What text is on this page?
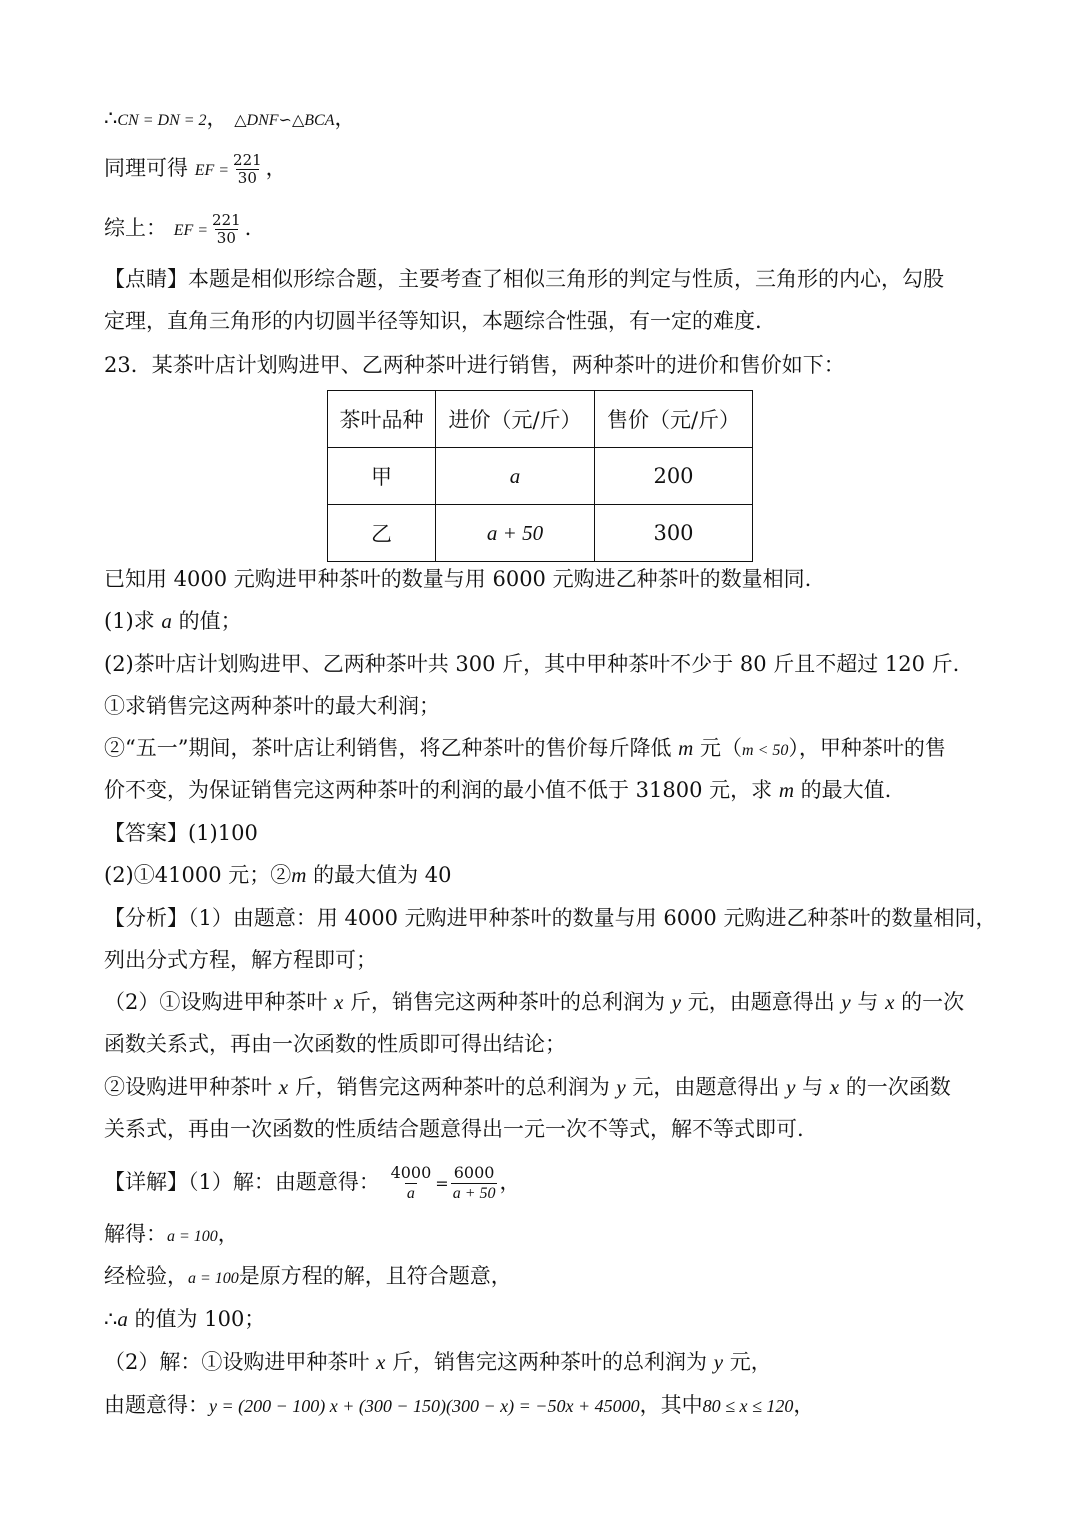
∴CN = DN = 2， △DNF∽△BCA，
同理可得 EF = $\frac{221}{30}$ ，
综上： EF = $\frac{221}{30}$ .
【点睛】本题是相似形综合题，主要考查了相似三角形的判定与性质，三角形的内心，勾股
定理，直角三角形的内切圆半径等知识，本题综合性强，有一定的难度.
23．某茶叶店计划购进甲、乙两种茶叶进行销售，两种茶叶的进价和售价如下：
茶叶品种	进价（元/斤）	售价（元/斤）
甲	a	200
乙	a + 50	300
已知用 4000 元购进甲种茶叶的数量与用 6000 元购进乙种茶叶的数量相同.
(1)求 a 的值；
(2)茶叶店计划购进甲、乙两种茶叶共 300 斤，其中甲种茶叶不少于 80 斤且不超过 120 斤.
①求销售完这两种茶叶的最大利润；
②“五一”期间，茶叶店让利销售，将乙种茶叶的售价每斤降低 m 元（m < 50），甲种茶叶的售
价不变，为保证销售完这两种茶叶的利润的最小值不低于 31800 元，求 m 的最大值.
【答案】(1)100
(2)①41000 元；②m 的最大值为 40
【分析】（1）由题意：用 4000 元购进甲种茶叶的数量与用 6000 元购进乙种茶叶的数量相同，
列出分式方程，解方程即可；
（2）①设购进甲种茶叶 x 斤，销售完这两种茶叶的总利润为 y 元，由题意得出 y 与 x 的一次
函数关系式，再由一次函数的性质即可得出结论；
②设购进甲种茶叶 x 斤，销售完这两种茶叶的总利润为 y 元，由题意得出 y 与 x 的一次函数
关系式，再由一次函数的性质结合题意得出一元一次不等式，解不等式即可.
【详解】（1）解：由题意得： $\frac{4000}{a} = \frac{6000}{a + 50}$ ，
解得：a = 100，
经检验，a = 100是原方程的解，且符合题意，
∴a 的值为 100；
（2）解：①设购进甲种茶叶 x 斤，销售完这两种茶叶的总利润为 y 元，
由题意得：y = (200 − 100) x + (300 − 150)(300 − x) = −50x + 45000，其中80 ≤ x ≤ 120，
